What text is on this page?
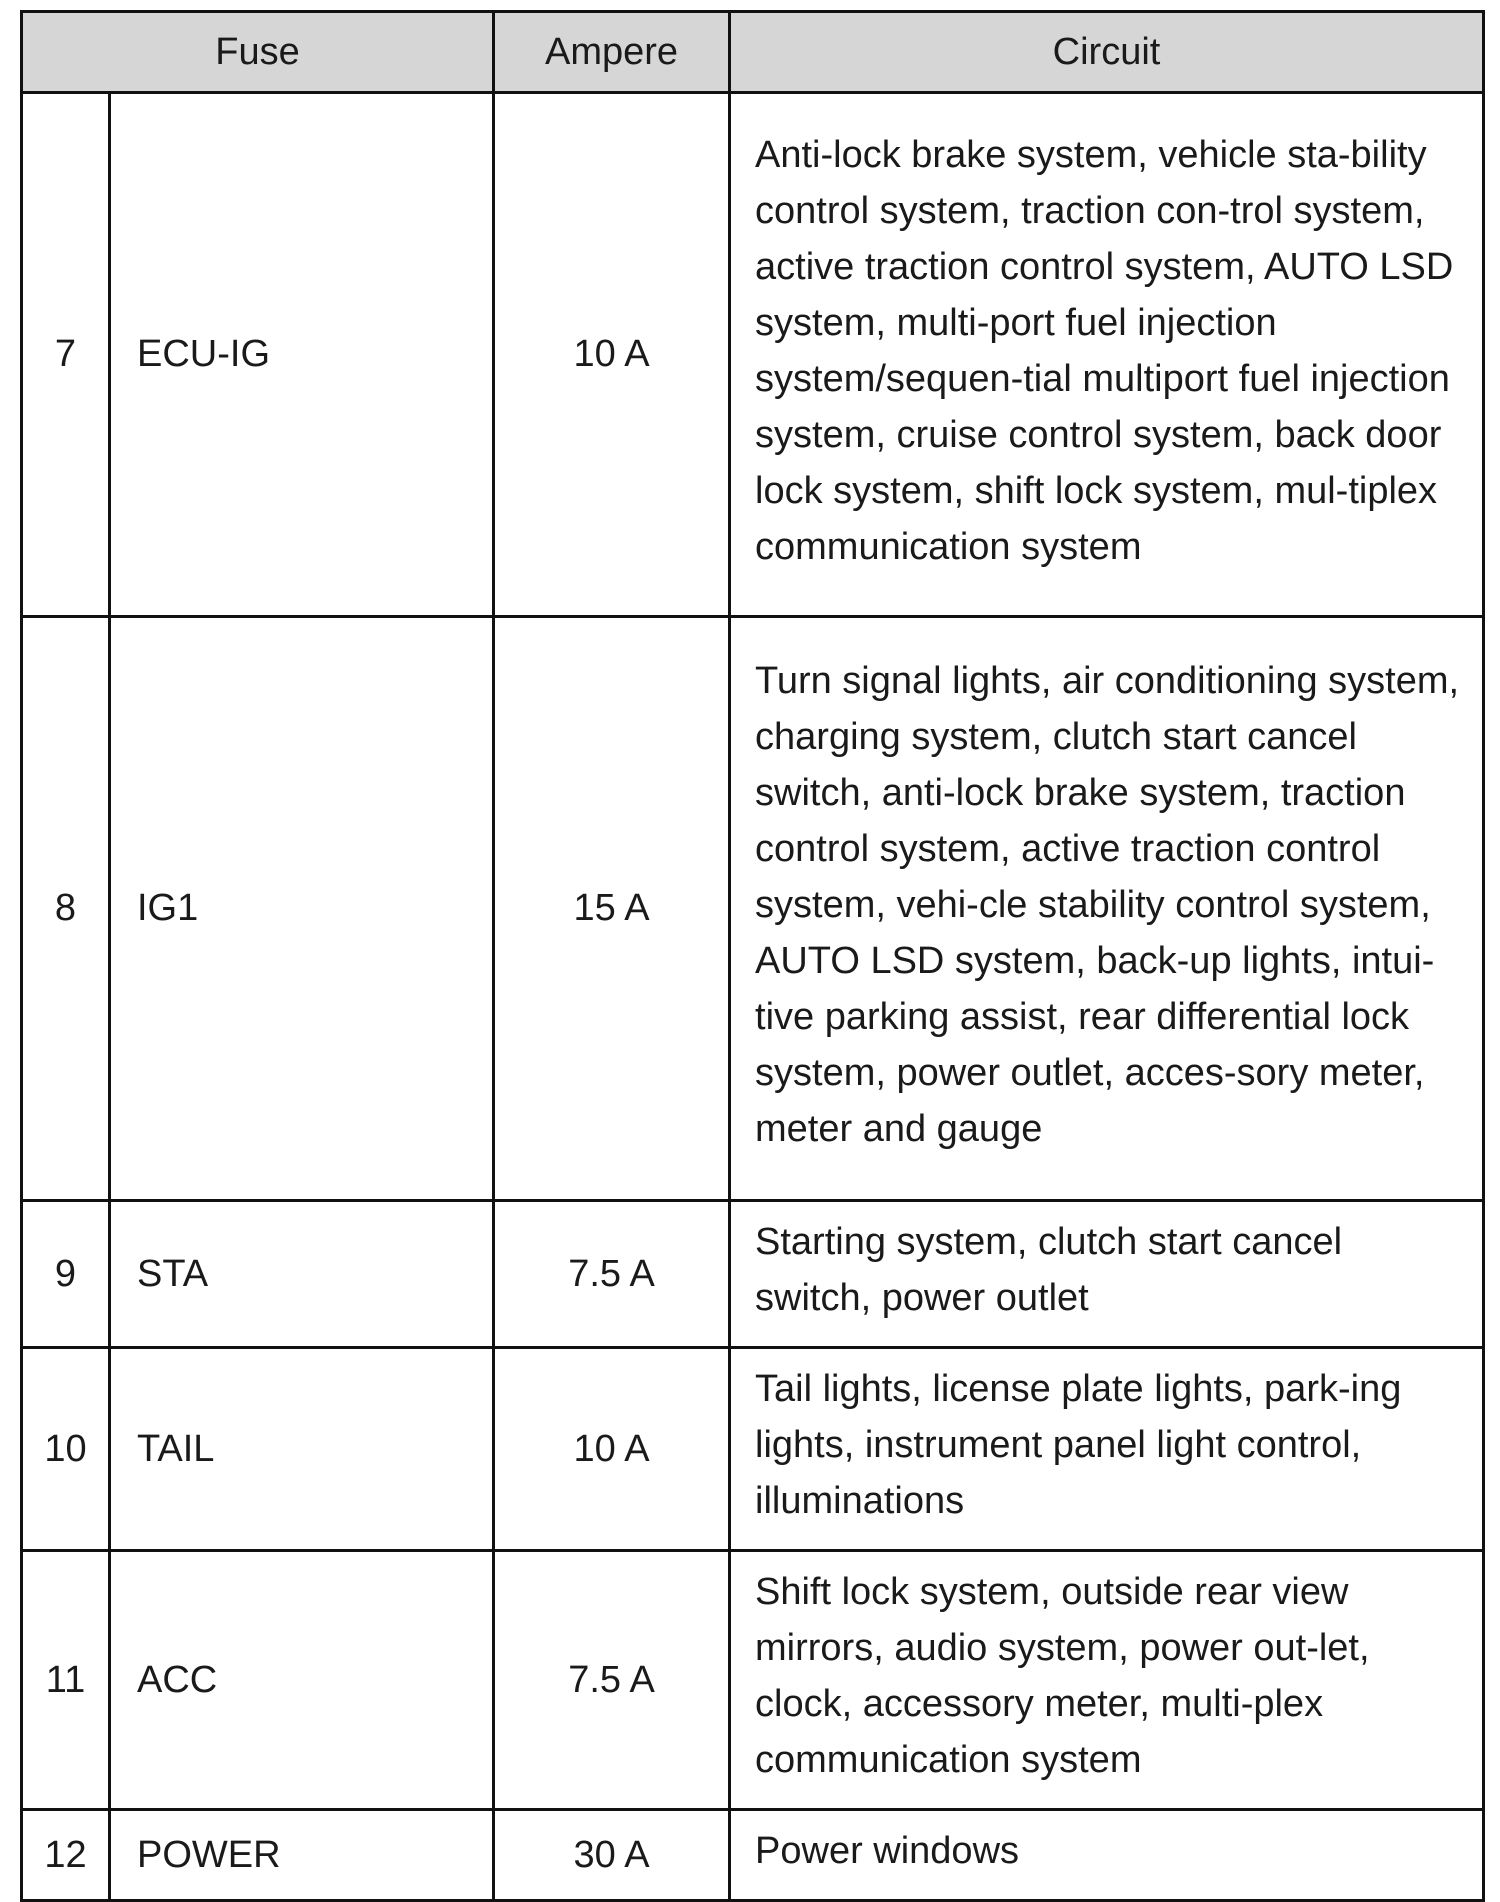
Fuse		Ampere	Circuit
7	ECU-IG	10 A	Anti-lock brake system, vehicle sta-bility control system, traction con-trol system, active traction control system, AUTO LSD system, multi-port fuel injection system/sequen-tial multiport fuel injection system, cruise control system, back door lock system, shift lock system, mul-tiplex communication system
8	IG1	15 A	Turn signal lights, air conditioning system, charging system, clutch start cancel switch, anti-lock brake system, traction control system, active traction control system, vehi-cle stability control system, AUTO LSD system, back-up lights, intui-tive parking assist, rear differential lock system, power outlet, acces-sory meter, meter and gauge
9	STA	7.5 A	Starting system, clutch start cancel switch, power outlet
10	TAIL	10 A	Tail lights, license plate lights, park-ing lights, instrument panel light control, illuminations
11	ACC	7.5 A	Shift lock system, outside rear view mirrors, audio system, power out-let, clock, accessory meter, multi-plex communication system
12	POWER	30 A	Power windows
